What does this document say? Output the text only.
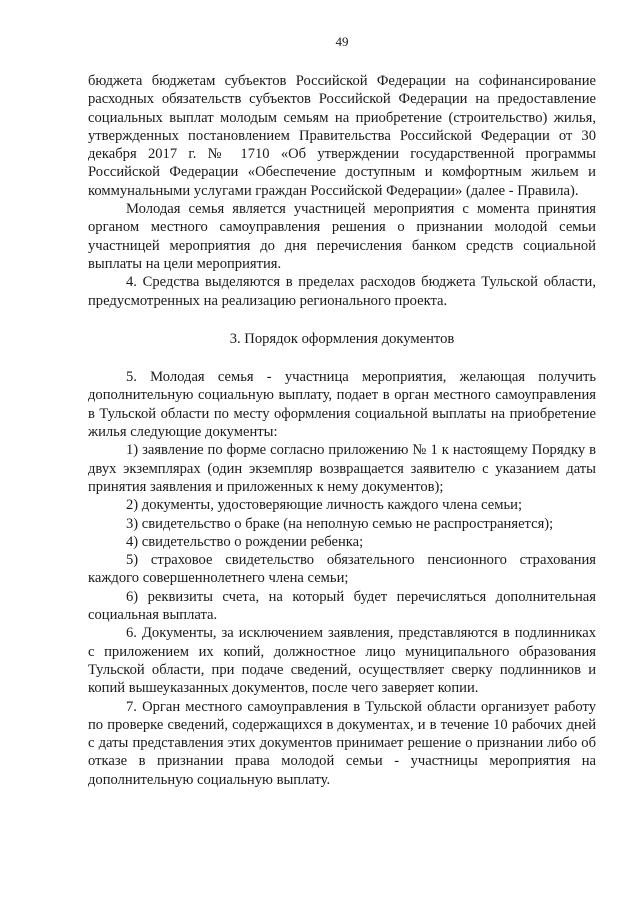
49

бюджета бюджетам субъектов Российской Федерации на софинансирование расходных обязательств субъектов Российской Федерации на предоставление социальных выплат молодым семьям на приобретение (строительство) жилья, утвержденных постановлением Правительства Российской Федерации от 30 декабря 2017 г. № 1710 «Об утверждении государственной программы Российской Федерации «Обеспечение доступным и комфортным жильем и коммунальными услугами граждан Российской Федерации» (далее - Правила).

Молодая семья является участницей мероприятия с момента принятия органом местного самоуправления решения о признании молодой семьи участницей мероприятия до дня перечисления банком средств социальной выплаты на цели мероприятия.

4. Средства выделяются в пределах расходов бюджета Тульской области, предусмотренных на реализацию регионального проекта.

3. Порядок оформления документов

5. Молодая семья - участница мероприятия, желающая получить дополнительную социальную выплату, подает в орган местного самоуправления в Тульской области по месту оформления социальной выплаты на приобретение жилья следующие документы:

1) заявление по форме согласно приложению № 1 к настоящему Порядку в двух экземплярах (один экземпляр возвращается заявителю с указанием даты принятия заявления и приложенных к нему документов);

2) документы, удостоверяющие личность каждого члена семьи;

3) свидетельство о браке (на неполную семью не распространяется);

4) свидетельство о рождении ребенка;

5) страховое свидетельство обязательного пенсионного страхования каждого совершеннолетнего члена семьи;

6) реквизиты счета, на который будет перечисляться дополнительная социальная выплата.

6. Документы, за исключением заявления, представляются в подлинниках с приложением их копий, должностное лицо муниципального образования Тульской области, при подаче сведений, осуществляет сверку подлинников и копий вышеуказанных документов, после чего заверяет копии.

7. Орган местного самоуправления в Тульской области организует работу по проверке сведений, содержащихся в документах, и в течение 10 рабочих дней с даты представления этих документов принимает решение о признании либо об отказе в признании права молодой семьи - участницы мероприятия на дополнительную социальную выплату.
